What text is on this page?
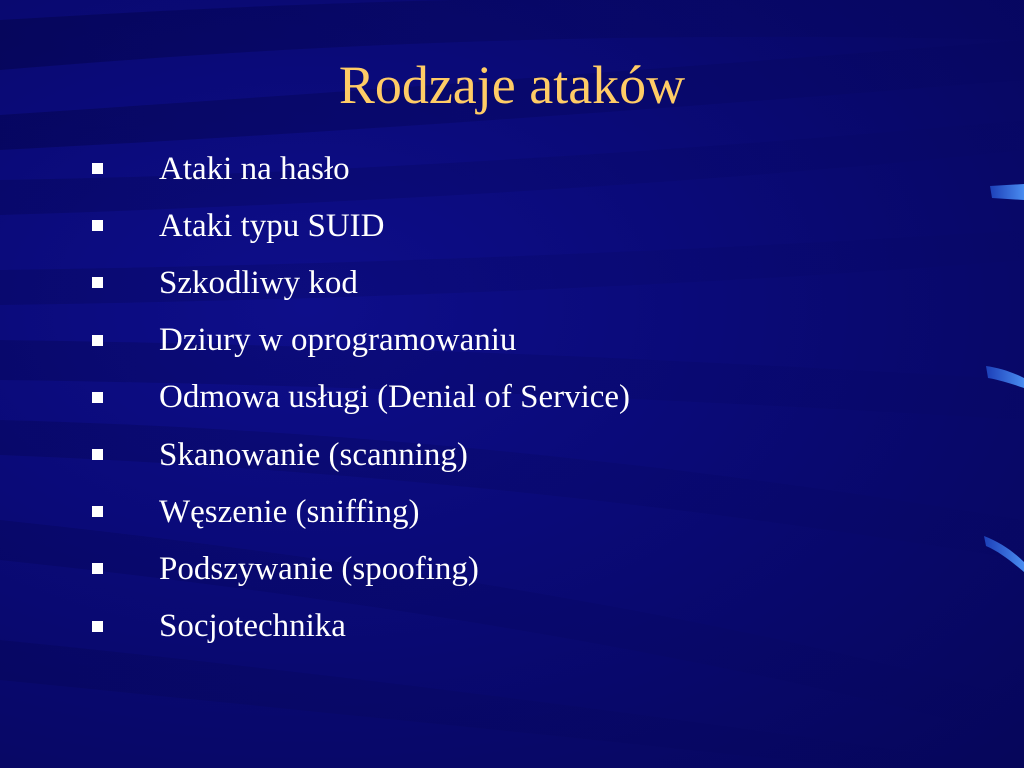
Rodzaje ataków
Ataki na hasło
Ataki typu SUID
Szkodliwy kod
Dziury w oprogramowaniu
Odmowa usługi (Denial of Service)
Skanowanie (scanning)
Węszenie (sniffing)
Podszywanie (spoofing)
Socjotechnika
